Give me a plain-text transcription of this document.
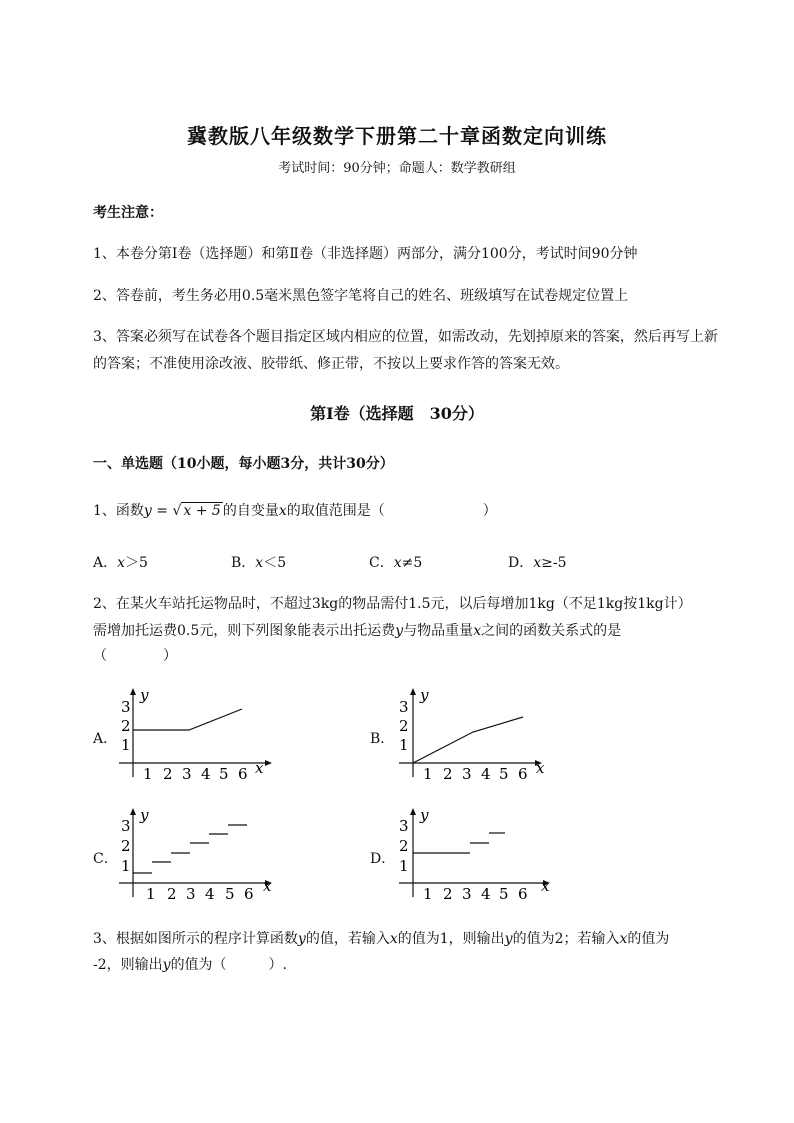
冀教版八年级数学下册第二十章函数定向训练
考试时间：90分钟；命题人：数学教研组
考生注意：
1、本卷分第I卷（选择题）和第Ⅱ卷（非选择题）两部分，满分100分，考试时间90分钟
2、答卷前，考生务必用0.5毫米黑色签字笔将自己的姓名、班级填写在试卷规定位置上
3、答案必须写在试卷各个题目指定区域内相应的位置，如需改动，先划掉原来的答案，然后再写上新
的答案；不准使用涂改液、胶带纸、修正带，不按以上要求作答的答案无效。
第I卷（选择题　30分）
一、单选题（10小题，每小题3分，共计30分）
1、函数y = √ x + 5 的自变量x的取值范围是（　　　　　　　）
A．x＞5	B．x＜5	C．x≠5	D．x≥-5
2、在某火车站托运物品时，不超过3kg的物品需付1.5元，以后每增加1kg（不足1kg按1kg计）
需增加托运费0.5元，则下列图象能表示出托运费y与物品重量x之间的函数关系式的是
（　　　　）
A．	B．
C．	D．
x
y
1 2 3 4 5 6
1
2
3
x
y
1 2 3 4 5 6
1
2
3
x
y
1 2 3 4 5 6
1
2
3
x
y
1 2 3 4 5 6
1
2
3
3、根据如图所示的程序计算函数y的值，若输入x的值为1，则输出y的值为2；若输入x的值为
-2，则输出y的值为（　　　）.
